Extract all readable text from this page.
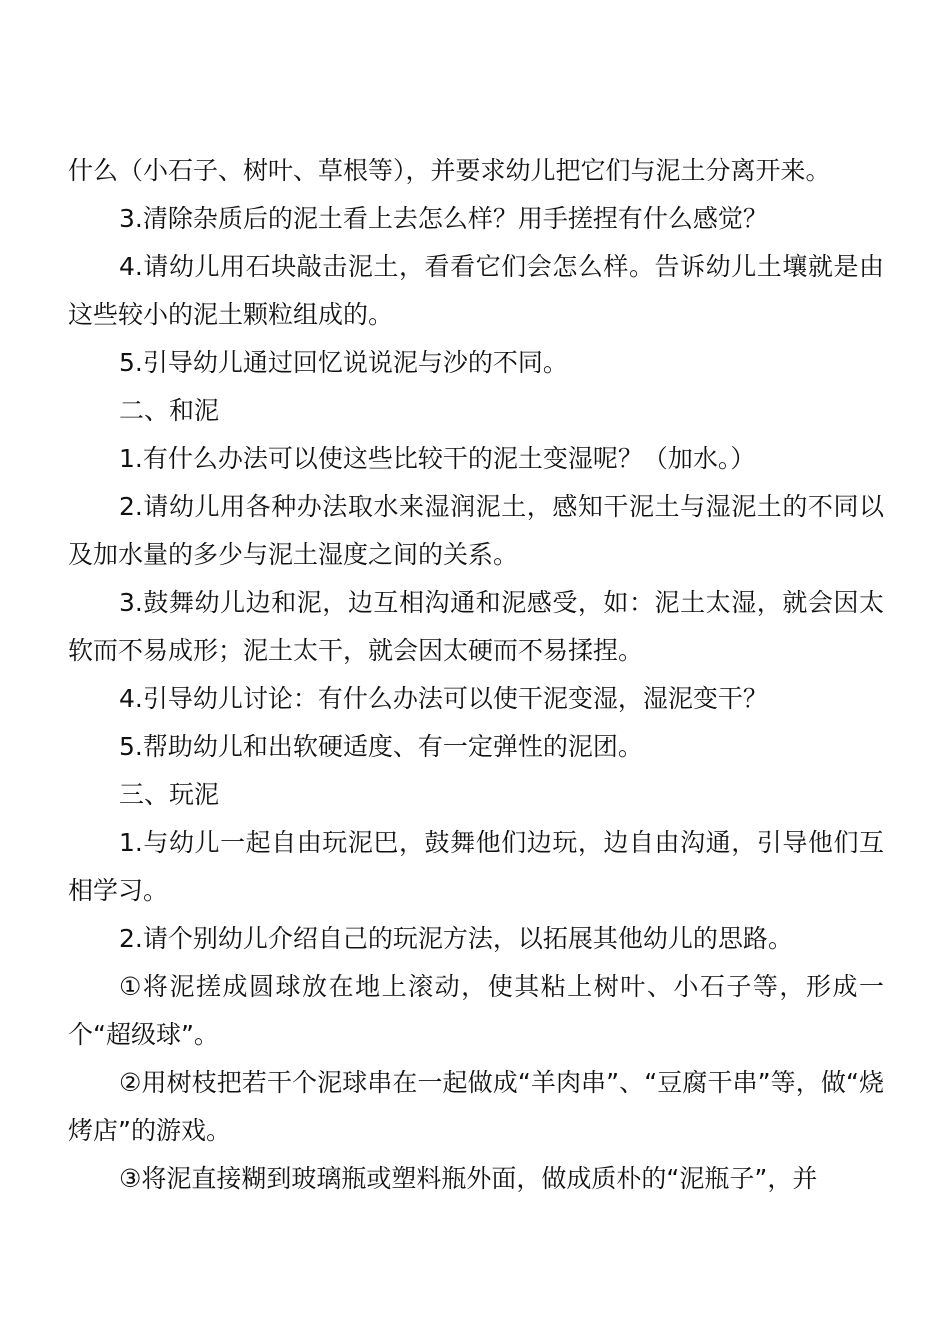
什么（小石子、树叶、草根等），并要求幼儿把它们与泥土分离开来。

3.清除杂质后的泥土看上去怎么样？用手搓捏有什么感觉？

4.请幼儿用石块敲击泥土，看看它们会怎么样。告诉幼儿土壤就是由这些较小的泥土颗粒组成的。

5.引导幼儿通过回忆说说泥与沙的不同。

二、和泥

1.有什么办法可以使这些比较干的泥土变湿呢？（加水。）

2.请幼儿用各种办法取水来湿润泥土，感知干泥土与湿泥土的不同以及加水量的多少与泥土湿度之间的关系。

3.鼓舞幼儿边和泥，边互相沟通和泥感受，如：泥土太湿，就会因太软而不易成形；泥土太干，就会因太硬而不易揉捏。

4.引导幼儿讨论：有什么办法可以使干泥变湿，湿泥变干？

5.帮助幼儿和出软硬适度、有一定弹性的泥团。

三、玩泥

1.与幼儿一起自由玩泥巴，鼓舞他们边玩，边自由沟通，引导他们互相学习。

2.请个别幼儿介绍自己的玩泥方法，以拓展其他幼儿的思路。

①将泥搓成圆球放在地上滚动，使其粘上树叶、小石子等，形成一个“超级球”。

②用树枝把若干个泥球串在一起做成“羊肉串”、“豆腐干串”等，做“烧烤店”的游戏。

③将泥直接糊到玻璃瓶或塑料瓶外面，做成质朴的“泥瓶子”，并
